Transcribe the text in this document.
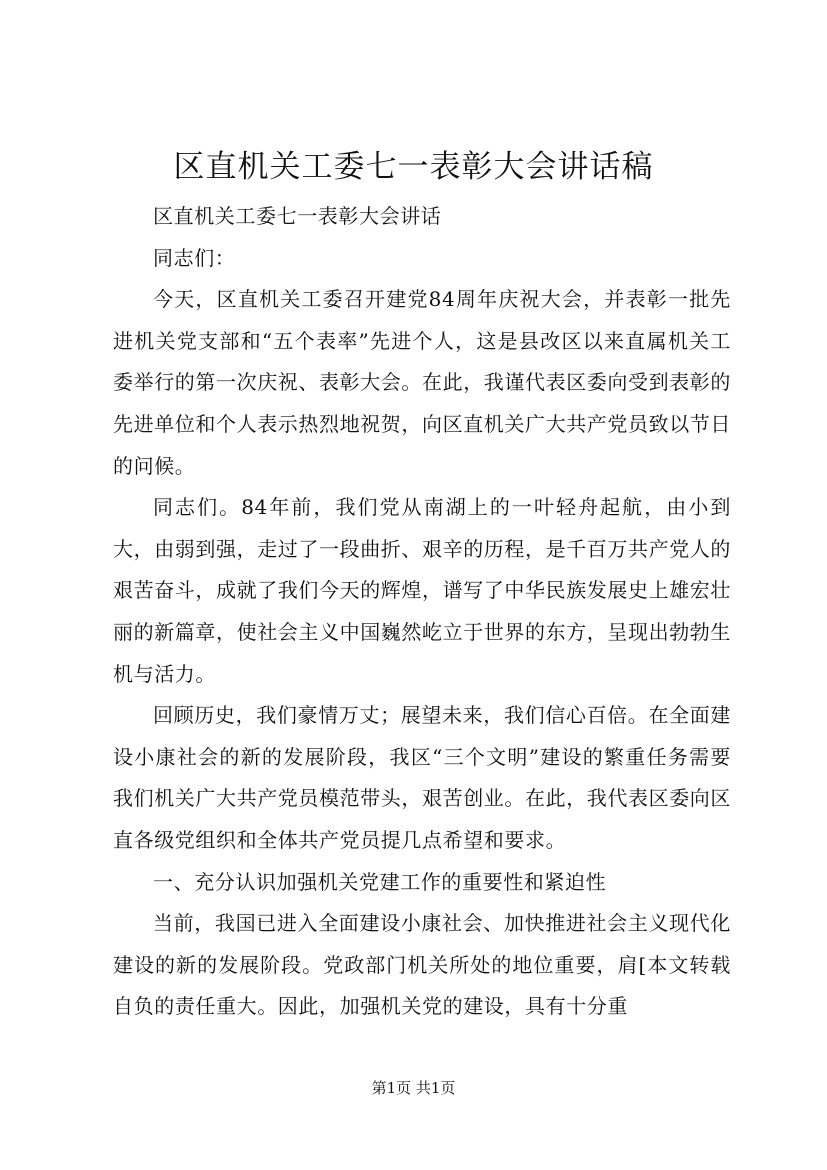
区直机关工委七一表彰大会讲话稿

区直机关工委七一表彰大会讲话

同志们：

今天，区直机关工委召开建党84周年庆祝大会，并表彰一批先进机关党支部和“五个表率”先进个人，这是县改区以来直属机关工委举行的第一次庆祝、表彰大会。在此，我谨代表区委向受到表彰的先进单位和个人表示热烈地祝贺，向区直机关广大共产党员致以节日的问候。

同志们。84年前，我们党从南湖上的一叶轻舟起航，由小到大，由弱到强，走过了一段曲折、艰辛的历程，是千百万共产党人的艰苦奋斗，成就了我们今天的辉煌，谱写了中华民族发展史上雄宏壮丽的新篇章，使社会主义中国巍然屹立于世界的东方，呈现出勃勃生机与活力。

回顾历史，我们豪情万丈；展望未来，我们信心百倍。在全面建设小康社会的新的发展阶段，我区“三个文明”建设的繁重任务需要我们机关广大共产党员模范带头，艰苦创业。在此，我代表区委向区直各级党组织和全体共产党员提几点希望和要求。

一、充分认识加强机关党建工作的重要性和紧迫性

当前，我国已进入全面建设小康社会、加快推进社会主义现代化建设的新的发展阶段。党政部门机关所处的地位重要，肩[本文转载自负的责任重大。因此，加强机关党的建设，具有十分重

第1页 共1页
